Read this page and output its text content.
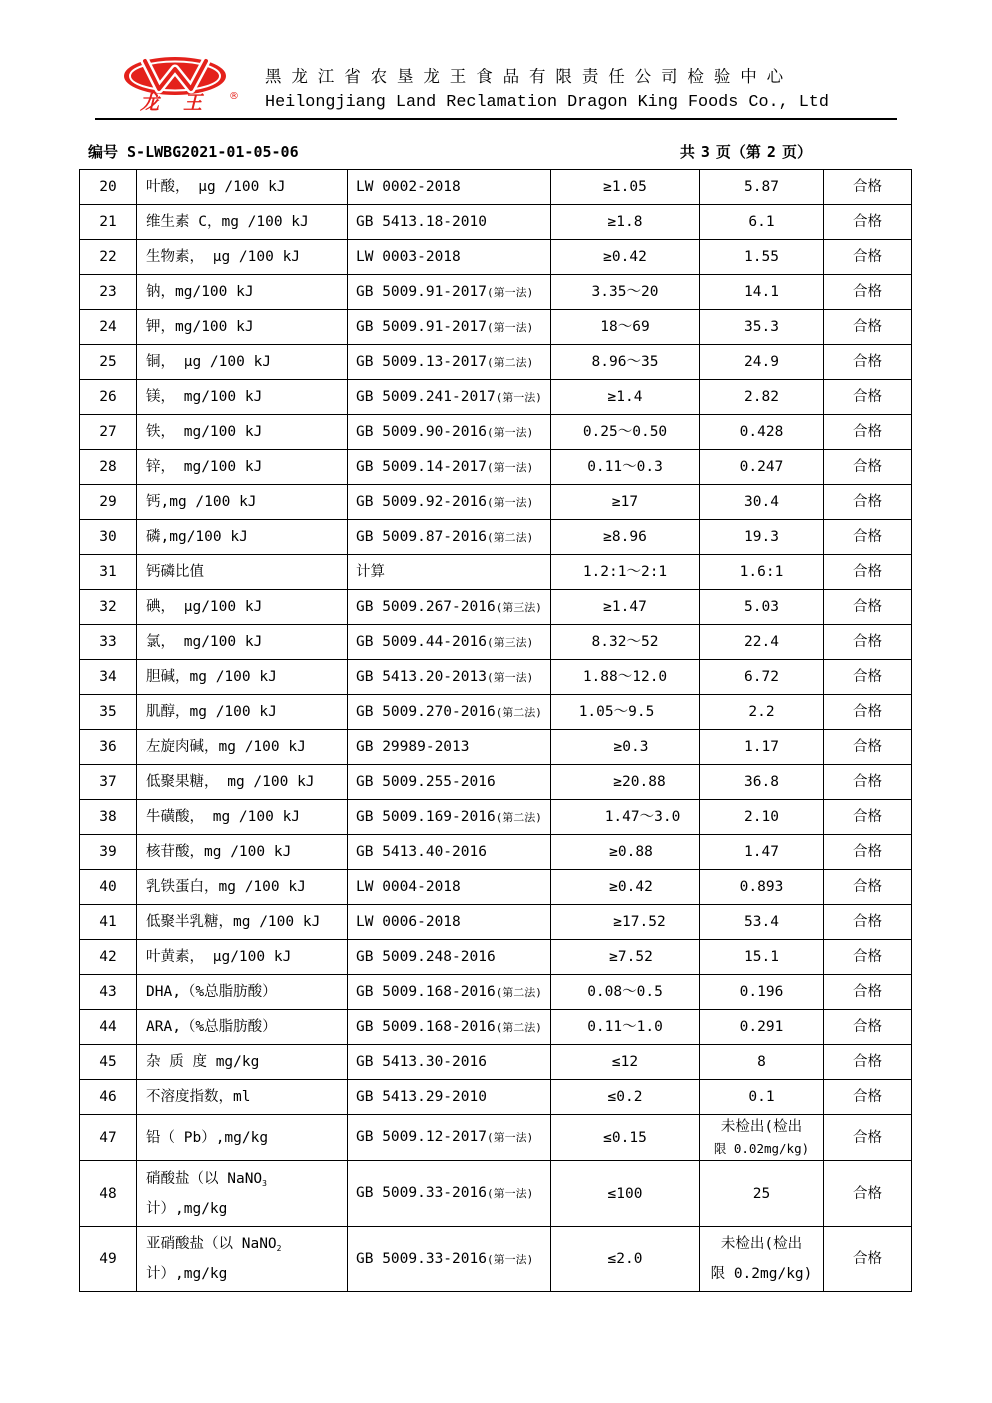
龙王 ®
黑 龙 江 省 农 垦 龙 王 食 品 有 限 责 任 公 司 检 验 中 心
Heilongjiang Land Reclamation Dragon King Foods Co., Ltd
编号 S-LWBG2021-01-05-06	共 3 页（第 2 页）
20	叶酸， μg /100 kJ	LW 0002-2018	≥1.05	5.87	合格
21	维生素 C，mg /100 kJ	GB 5413.18-2010	≥1.8	6.1	合格
22	生物素， μg /100 kJ	LW 0003-2018	≥0.42	1.55	合格
23	钠，mg/100 kJ	GB 5009.91-2017(第一法)	3.35～20	14.1	合格
24	钾，mg/100 kJ	GB 5009.91-2017(第一法)	18～69	35.3	合格
25	铜， μg /100 kJ	GB 5009.13-2017(第二法)	8.96～35	24.9	合格
26	镁， mg/100 kJ	GB 5009.241-2017(第一法)	≥1.4	2.82	合格
27	铁， mg/100 kJ	GB 5009.90-2016(第一法)	0.25～0.50	0.428	合格
28	锌， mg/100 kJ	GB 5009.14-2017(第一法)	0.11～0.3	0.247	合格
29	钙,mg /100 kJ	GB 5009.92-2016(第一法)	≥17	30.4	合格
30	磷,mg/100 kJ	GB 5009.87-2016(第二法)	≥8.96	19.3	合格
31	钙磷比值	计算	1.2:1～2:1	1.6:1	合格
32	碘， μg/100 kJ	GB 5009.267-2016(第三法)	≥1.47	5.03	合格
33	氯， mg/100 kJ	GB 5009.44-2016(第三法)	8.32～52	22.4	合格
34	胆碱，mg /100 kJ	GB 5413.20-2013(第一法)	1.88～12.0	6.72	合格
35	肌醇，mg /100 kJ	GB 5009.270-2016(第二法)	1.05～9.5	2.2	合格
36	左旋肉碱，mg /100 kJ	GB 29989-2013	≥0.3	1.17	合格
37	低聚果糖， mg /100 kJ	GB 5009.255-2016	≥20.88	36.8	合格
38	牛磺酸， mg /100 kJ	GB 5009.169-2016(第二法)	1.47～3.0	2.10	合格
39	核苷酸，mg /100 kJ	GB 5413.40-2016	≥0.88	1.47	合格
40	乳铁蛋白，mg /100 kJ	LW 0004-2018	≥0.42	0.893	合格
41	低聚半乳糖，mg /100 kJ	LW 0006-2018	≥17.52	53.4	合格
42	叶黄素， μg/100 kJ	GB 5009.248-2016	≥7.52	15.1	合格
43	DHA,（%总脂肪酸）	GB 5009.168-2016(第二法)	0.08～0.5	0.196	合格
44	ARA,（%总脂肪酸）	GB 5009.168-2016(第二法)	0.11～1.0	0.291	合格
45	杂 质 度 mg/kg	GB 5413.30-2016	≤12	8	合格
46	不溶度指数，ml	GB 5413.29-2010	≤0.2	0.1	合格
47	铅（ Pb）,mg/kg	GB 5009.12-2017(第一法)	≤0.15	未检出(检出
限 0.02mg/kg)	合格
48	硝酸盐（以 NaNO$_3$
计）,mg/kg	GB 5009.33-2016(第一法)	≤100	25	合格
49	亚硝酸盐（以 NaNO$_2$
计）,mg/kg	GB 5009.33-2016(第一法)	≤2.0	未检出(检出
限 0.2mg/kg)	合格
